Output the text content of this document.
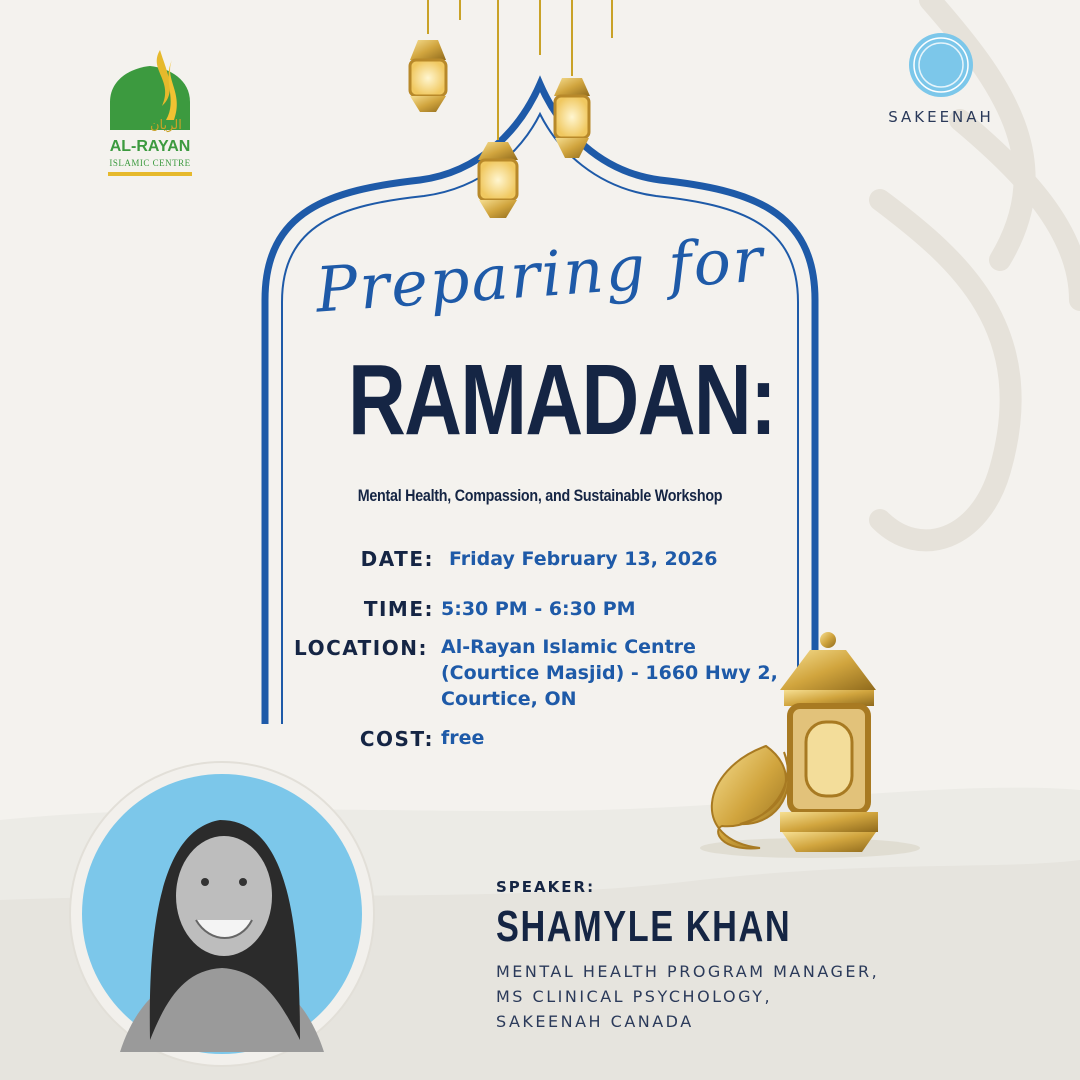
الريان
AL-RAYAN
ISLAMIC CENTRE
SAKEENAH
Preparing for
RAMADAN:
Mental Health, Compassion, and Sustainable Workshop
DATE: Friday February 13, 2026
TIME: 5:30 PM - 6:30 PM
LOCATION: Al-Rayan Islamic Centre
(Courtice Masjid) - 1660 Hwy 2,
Courtice, ON
COST: free
SPEAKER:
SHAMYLE KHAN
MENTAL HEALTH PROGRAM MANAGER,
MS CLINICAL PSYCHOLOGY,
SAKEENAH CANADA
